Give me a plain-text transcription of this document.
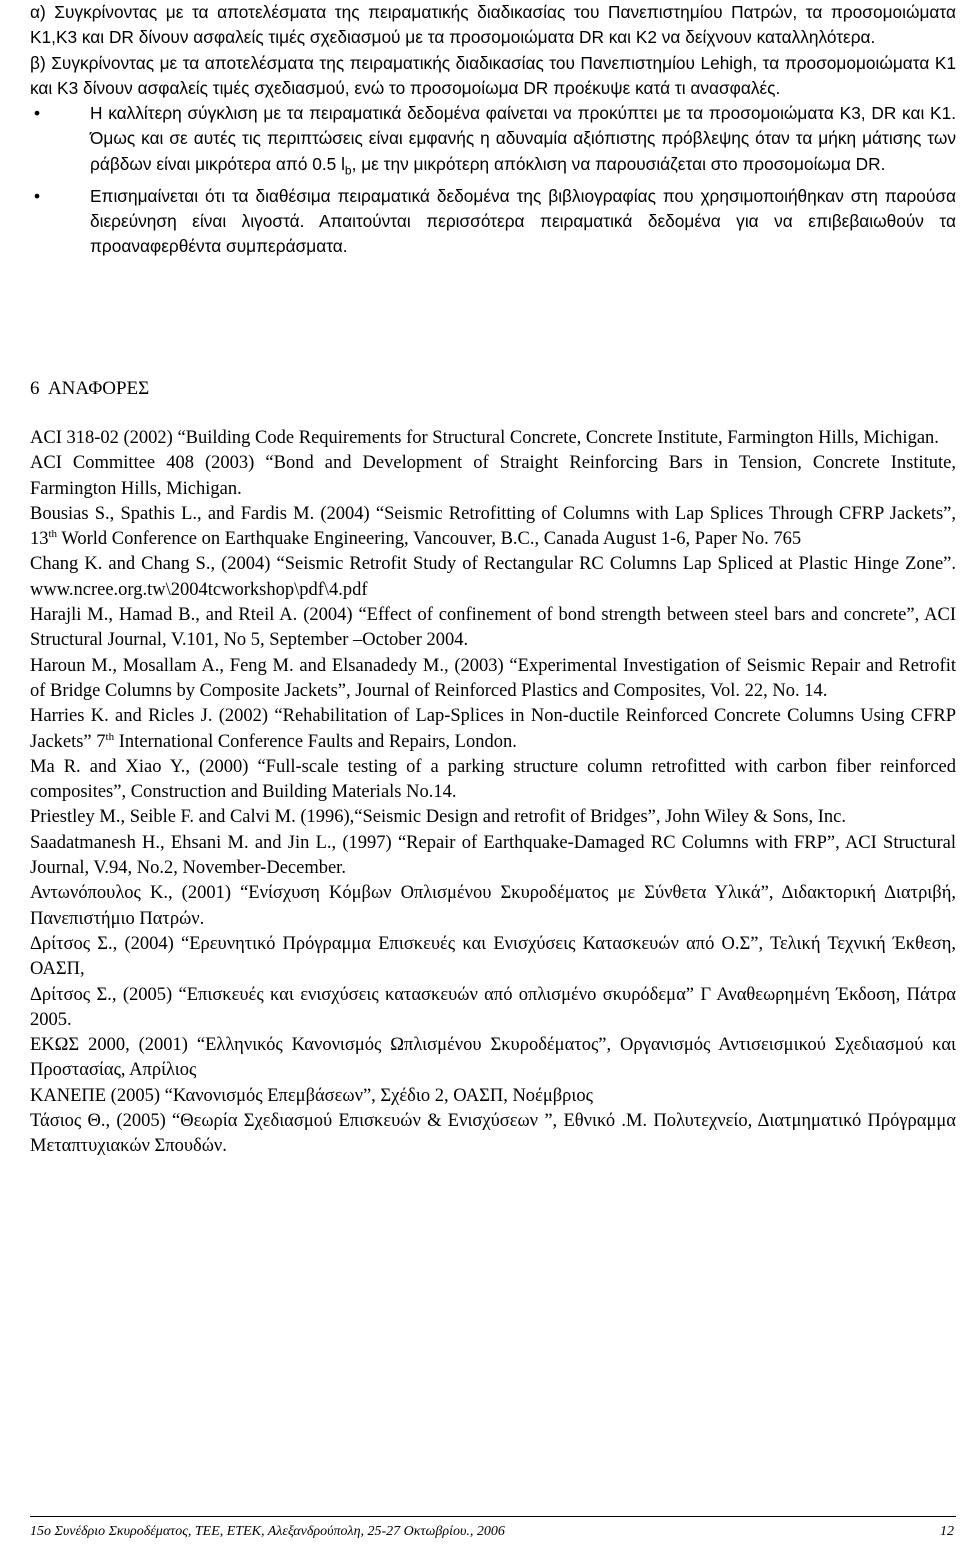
α) Συγκρίνοντας με τα αποτελέσματα της πειραματικής διαδικασίας του Πανεπιστημίου Πατρών, τα προσομοιώματα Κ1,Κ3 και DR δίνουν ασφαλείς τιμές σχεδιασμού με τα προσομοιώματα DR και Κ2 να δείχνουν καταλληλότερα.

β) Συγκρίνοντας με τα αποτελέσματα της πειραματικής διαδικασίας του Πανεπιστημίου Lehigh, τα προσομομοιώματα Κ1 και Κ3 δίνουν ασφαλείς τιμές σχεδιασμού, ενώ το προσομοίωμα DR προέκυψε κατά τι ανασφαλές.

•	Η καλλίτερη σύγκλιση με τα πειραματικά δεδομένα φαίνεται να προκύπτει με τα προσομοιώματα Κ3, DR και Κ1. Όμως και σε αυτές τις περιπτώσεις είναι εμφανής η αδυναμία αξιόπιστης πρόβλεψης όταν τα μήκη μάτισης των ράβδων είναι μικρότερα από 0.5 $l_b$, με την μικρότερη απόκλιση να παρουσιάζεται στο προσομοίωμα DR.
•	Επισημαίνεται ότι τα διαθέσιμα πειραματικά δεδομένα της βιβλιογραφίας που χρησιμοποιήθηκαν στη παρούσα διερεύνηση είναι λιγοστά. Απαιτούνται περισσότερα πειραματικά δεδομένα για να επιβεβαιωθούν τα προαναφερθέντα συμπεράσματα.
6  ΑΝΑΦΟΡΕΣ
ACI 318-02 (2002) “Building Code Requirements for Structural Concrete, Concrete Institute, Farmington Hills, Michigan.
ACI Committee 408 (2003) “Bond and Development of Straight Reinforcing Bars in Tension, Concrete Institute, Farmington Hills, Michigan.
Bousias S., Spathis L., and Fardis M. (2004) “Seismic Retrofitting of Columns with Lap Splices Through CFRP Jackets”, 13th World Conference on Earthquake Engineering, Vancouver, B.C., Canada August 1-6, Paper No. 765
Chang K. and Chang S., (2004) “Seismic Retrofit Study of Rectangular RC Columns Lap Spliced at Plastic Hinge Zone”. www.ncree.org.tw\2004tcworkshop\pdf\4.pdf
Harajli M., Hamad B., and Rteil A. (2004) “Effect of confinement of bond strength between steel bars and concrete”, ACI Structural Journal, V.101, No 5, September –October 2004.
Haroun M., Mosallam A., Feng M. and Elsanadedy M., (2003) “Experimental Investigation of Seismic Repair and Retrofit of Bridge Columns by Composite Jackets”, Journal of Reinforced Plastics and Composites, Vol. 22, No. 14.
Harries K. and Ricles J. (2002) “Rehabilitation of Lap-Splices in Non-ductile Reinforced Concrete Columns Using CFRP Jackets” 7th International Conference Faults and Repairs, London.
Ma R. and Xiao Y., (2000) “Full-scale testing of a parking structure column retrofitted with carbon fiber reinforced composites”, Construction and Building Materials No.14.
Priestley M., Seible F. and Calvi M. (1996),“Seismic Design and retrofit of Bridges”, John Wiley & Sons, Inc.
Saadatmanesh H., Ehsani M. and Jin L., (1997) “Repair of Earthquake-Damaged RC Columns with FRP”, ACI Structural Journal, V.94, No.2, November-December.
Αντωνόπουλος Κ., (2001) “Ενίσχυση Κόμβων Οπλισμένου Σκυροδέματος με Σύνθετα Υλικά”, Διδακτορική Διατριβή, Πανεπιστήμιο Πατρών.
Δρίτσος Σ., (2004) “Ερευνητικό Πρόγραμμα Επισκευές και Ενισχύσεις Κατασκευών από Ο.Σ”, Τελική Τεχνική Έκθεση, ΟΑΣΠ,
Δρίτσος Σ., (2005) “Επισκευές και ενισχύσεις κατασκευών από οπλισμένο σκυρόδεμα” Γ Αναθεωρημένη Έκδοση, Πάτρα 2005.
ΕΚΩΣ 2000, (2001) “Ελληνικός Κανονισμός Ωπλισμένου Σκυροδέματος”, Οργανισμός Αντισεισμικού Σχεδιασμού και Προστασίας, Απρίλιος
ΚΑΝΕΠΕ (2005) “Κανονισμός Επεμβάσεων”, Σχέδιο 2, ΟΑΣΠ, Νοέμβριος
Τάσιος Θ., (2005) “Θεωρία Σχεδιασμού Επισκευών & Ενισχύσεων ”, Εθνικό .Μ. Πολυτεχνείο, Διατμηματικό Πρόγραμμα Μεταπτυχιακών Σπουδών.
15ο Συνέδριο Σκυροδέματος, ΤΕΕ, ΕΤΕΚ, Αλεξανδρούπολη, 25-27 Οκτωβρίου., 2006	12
